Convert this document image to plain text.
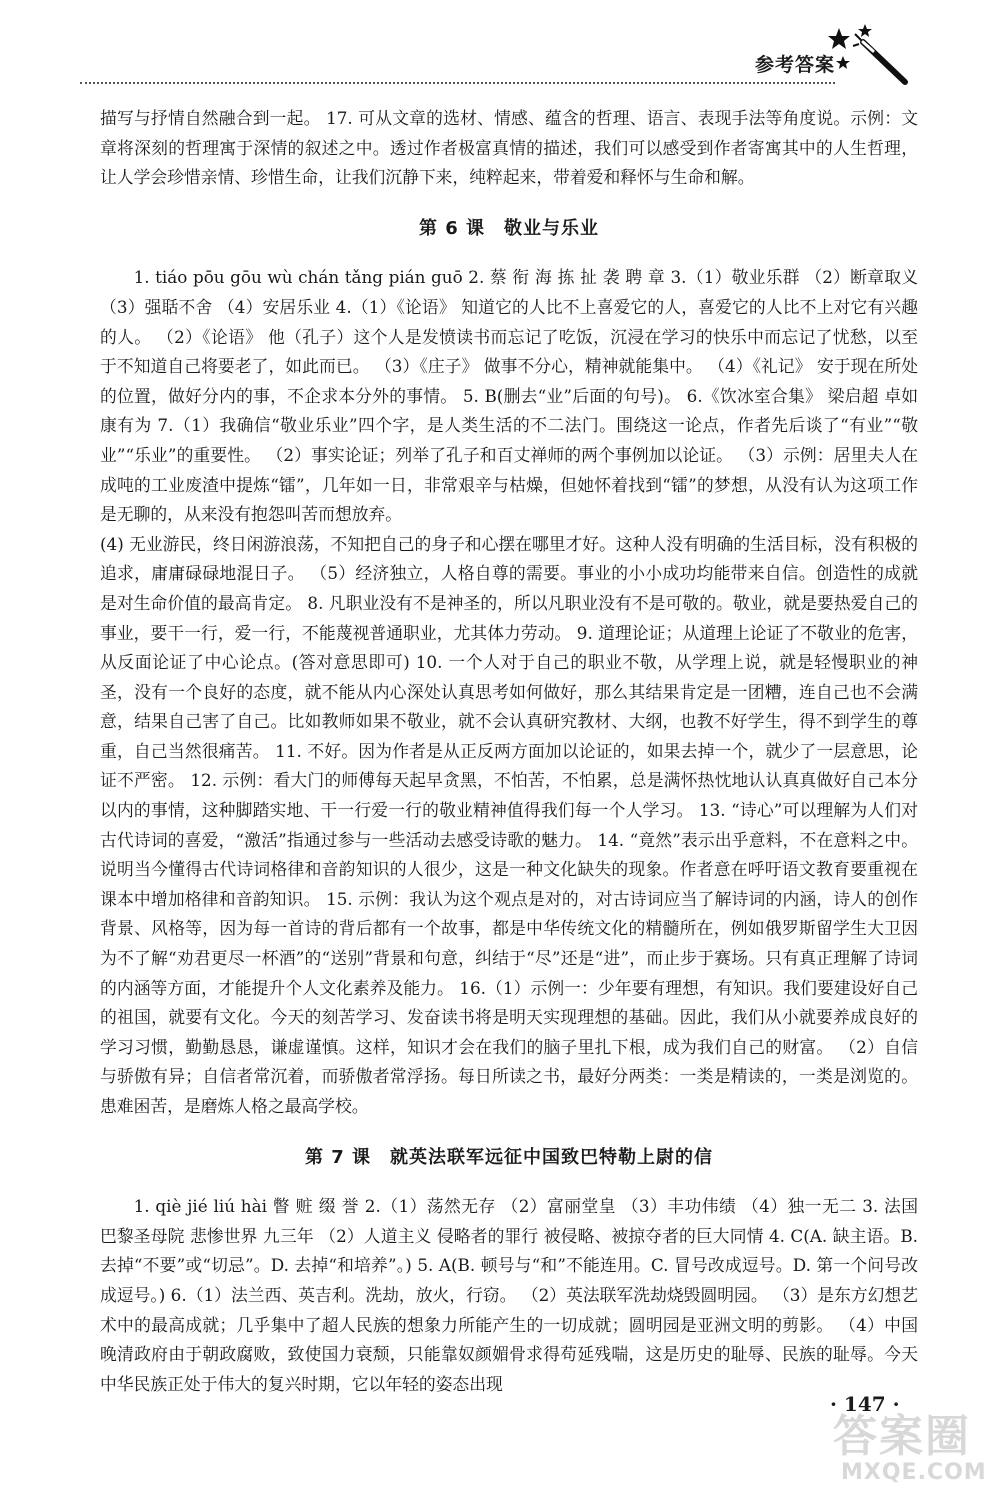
参考答案

描写与抒情自然融合到一起。 17. 可从文章的选材、情感、蕴含的哲理、语言、表现手法等角度说。示例：文章将深刻的哲理寓于深情的叙述之中。透过作者极富真情的描述，我们可以感受到作者寄寓其中的人生哲理，让人学会珍惜亲情、珍惜生命，让我们沉静下来，纯粹起来，带着爱和释怀与生命和解。

第 6 课　敬业与乐业

1. tiáo pōu gōu wù chán tǎng pián guō 2. 蔡 衔 海 拣 扯 袭 聘 章 3.（1）敬业乐群 （2）断章取义 （3）强聒不舍 （4）安居乐业 4.（1）《论语》 知道它的人比不上喜爱它的人，喜爱它的人比不上对它有兴趣的人。 （2）《论语》 他（孔子）这个人是发愤读书而忘记了吃饭，沉浸在学习的快乐中而忘记了忧愁，以至于不知道自己将要老了，如此而已。 （3）《庄子》 做事不分心，精神就能集中。 （4）《礼记》 安于现在所处的位置，做好分内的事，不企求本分外的事情。 5. B(删去“业”后面的句号)。 6.《饮冰室合集》 梁启超 卓如 康有为 7.（1）我确信“敬业乐业”四个字，是人类生活的不二法门。围绕这一论点，作者先后谈了“有业”“敬业”“乐业”的重要性。 （2）事实论证；列举了孔子和百丈禅师的两个事例加以论证。 （3）示例：居里夫人在成吨的工业废渣中提炼“镭”，几年如一日，非常艰辛与枯燥，但她怀着找到“镭”的梦想，从没有认为这项工作是无聊的，从来没有抱怨叫苦而想放弃。

(4) 无业游民，终日闲游浪荡，不知把自己的身子和心摆在哪里才好。这种人没有明确的生活目标，没有积极的追求，庸庸碌碌地混日子。 （5）经济独立，人格自尊的需要。事业的小小成功均能带来自信。创造性的成就是对生命价值的最高肯定。 8. 凡职业没有不是神圣的，所以凡职业没有不是可敬的。敬业，就是要热爱自己的事业，要干一行，爱一行，不能蔑视普通职业，尤其体力劳动。 9. 道理论证；从道理上论证了不敬业的危害，从反面论证了中心论点。(答对意思即可) 10. 一个人对于自己的职业不敬，从学理上说，就是轻慢职业的神圣，没有一个良好的态度，就不能从内心深处认真思考如何做好，那么其结果肯定是一团糟，连自己也不会满意，结果自己害了自己。比如教师如果不敬业，就不会认真研究教材、大纲，也教不好学生，得不到学生的尊重，自己当然很痛苦。 11. 不好。因为作者是从正反两方面加以论证的，如果去掉一个，就少了一层意思，论证不严密。 12. 示例：看大门的师傅每天起早贪黑，不怕苦，不怕累，总是满怀热忱地认认真真做好自己本分以内的事情，这种脚踏实地、干一行爱一行的敬业精神值得我们每一个人学习。 13. “诗心”可以理解为人们对古代诗词的喜爱，“激活”指通过参与一些活动去感受诗歌的魅力。 14. “竟然”表示出乎意料，不在意料之中。说明当今懂得古代诗词格律和音韵知识的人很少，这是一种文化缺失的现象。作者意在呼吁语文教育要重视在课本中增加格律和音韵知识。 15. 示例：我认为这个观点是对的，对古诗词应当了解诗词的内涵，诗人的创作背景、风格等，因为每一首诗的背后都有一个故事，都是中华传统文化的精髓所在，例如俄罗斯留学生大卫因为不了解“劝君更尽一杯酒”的“送别”背景和句意，纠结于“尽”还是“进”，而止步于赛场。只有真正理解了诗词的内涵等方面，才能提升个人文化素养及能力。 16.（1）示例一：少年要有理想，有知识。我们要建设好自己的祖国，就要有文化。今天的刻苦学习、发奋读书将是明天实现理想的基础。因此，我们从小就要养成良好的学习习惯，勤勤恳恳，谦虚谨慎。这样，知识才会在我们的脑子里扎下根，成为我们自己的财富。 （2）自信与骄傲有异；自信者常沉着，而骄傲者常浮扬。每日所读之书，最好分两类：一类是精读的，一类是浏览的。患难困苦，是磨炼人格之最高学校。

第 7 课　就英法联军远征中国致巴特勒上尉的信

1. qiè jié liú hài 瞥 赃 缀 誉 2.（1）荡然无存 （2）富丽堂皇 （3）丰功伟绩 （4）独一无二 3. 法国 巴黎圣母院 悲惨世界 九三年 （2）人道主义 侵略者的罪行 被侵略、被掠夺者的巨大同情 4. C(A. 缺主语。B. 去掉“不要”或“切忌”。D. 去掉“和培养”。) 5. A(B. 顿号与“和”不能连用。C. 冒号改成逗号。D. 第一个问号改成逗号。) 6.（1）法兰西、英吉利。洗劫，放火，行窃。 （2）英法联军洗劫烧毁圆明园。 （3）是东方幻想艺术中的最高成就；几乎集中了超人民族的想象力所能产生的一切成就；圆明园是亚洲文明的剪影。 （4）中国晚清政府由于朝政腐败，致使国力衰颓，只能靠奴颜媚骨求得苟延残喘，这是历史的耻辱、民族的耻辱。今天中华民族正处于伟大的复兴时期，它以年轻的姿态出现

· 147 ·
答案圈
MXQE.COM
